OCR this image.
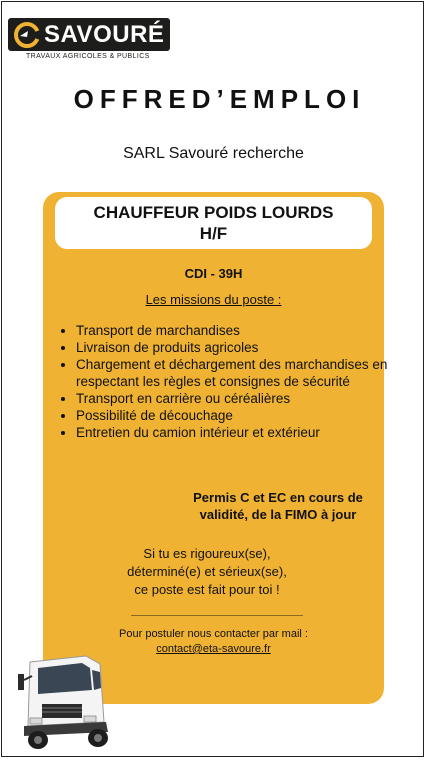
SAVOURÉ
TRAVAUX AGRICOLES & PUBLICS
OFFRED’EMPLOI
SARL Savouré recherche
CHAUFFEUR POIDS LOURDS
H/F
CDI - 39H
Les missions du poste :
• Transport de marchandises
• Livraison de produits agricoles
• Chargement et déchargement des marchandises en respectant les règles et consignes de sécurité
• Transport en carrière ou céréalières
• Possibilité de découchage
• Entretien du camion intérieur et extérieur
Permis C et EC en cours de
validité, de la FIMO à jour
Si tu es rigoureux(se),
déterminé(e) et sérieux(se),
ce poste est fait pour toi !
Pour postuler nous contacter par mail :
contact@eta-savoure.fr
